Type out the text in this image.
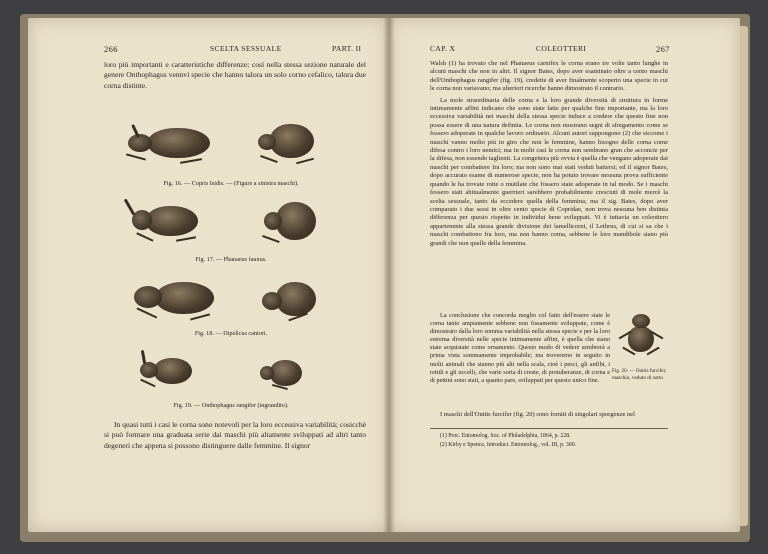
266	SCELTA SESSUALE	PART. II

loro più importanti e caratteristiche differenze; così nella stessa sezione naturale del genere Onthophagus vennvi specie che hanno talora un solo corno cefalico, talora due corna distinte.

Fig. 16. — Copris Isidis. — (Figure a sinistra maschi).
Fig. 17. — Phanaeus faunus.
Fig. 18. — Dipelicus cantori.
Fig. 19. — Onthophagus rangifer (ingrandito).

In quasi tutti i casi le corna sono notevoli per la loro eccessiva variabilità; cosicchè si può formare una graduata serie dai maschi più altamente sviluppati ad altri tanto degeneri che appena si possono distinguere dalle femmine. Il signor

CAP. X	COLEOTTERI	267

Walsh (1) ha trovato che nel Phanaeus carnifex le corna erano tre volte tanto lunghe in alcuni maschi che non in altri. Il signor Bates, dopo aver esaminato oltre a cento maschi dell'Onthophagus rangifer (fig. 19), credette di aver finalmente scoperto una specie in cui le corna non variavano; ma ulteriori ricerche hanno dimostrato il contrario.

La mole straordinaria delle corna e la loro grande diversità di struttura in forme intimamente affini indicano che sono state fatte per qualche fine importante, ma la loro eccessiva variabilità nei maschi della stessa specie induce a credere che questo fine non possa essere di una natura definita. Le corna non mostrano segni di sfregamento come se fossero adoperate in qualche lavoro ordinario. Alcuni autori suppongono (2) che siccome i maschi vanno molto più in giro che non le femmine, hanno bisogno delle corna come difesa contro i loro nemici; ma in molti casi le corna non sembrano gran che acconcie per la difesa, non essendo taglienti. La congettera più ovvia è quella che vengano adoperate dai maschi per combattere fra loro; ma non sono mai stati veduti battersi; ed il signor Bates, dopo accurato esame di numerose specie, non ha potuto trovare nessuna prova sufficiente quando le ha trovate rotte o mutilate che fossero state adoperate in tal modo. Se i maschi fossero stati abitualmente guerrieri sarebbero probabilmente cresciuti di mole mercè la scelta sessuale, tanto da eccedere quella della femmina; ma il sig. Bates, dopo aver comparato i due sessi in oltre cento specie di Copridae, non trova nessuna ben distinta differenza per questo rispetto in individui bene sviluppati. Vi è tuttavia un coleottero appartenente alla stessa grande divisione dei lamellicorni, il Lethrus, di cui si sa che i maschi combattono fra loro, ma non hanno corna, sebbene le loro mandibole siano più grandi che non quelle della femmina.

La conclusione che concorda meglio col fatto dell'essere state le corna tanto ampiamente sebbene non fissamente sviluppate, come è dimostrato dalla loro somma variabilità nella stessa specie e per la loro estrema diversità nelle specie intimamente affini, è quella che siano state acquistate come ornamento. Questo modo di vedere sembrerà a prima vista sommamente improbabile; ma troveremo in seguito in molti animali che stanno più alti nella scala, cioè i pesci, gli anfibi, i rettili e gli uccelli, che varie sorta di creste, di protuberanze, di corna e di pettini sono stati, a quanto pare, sviluppati per questo unico fine.

Fig. 20. — Onitis furcifer, maschio, veduto di sotto.

I maschi dell'Onitis furcifer (fig. 20) sono forniti di singolari sporgenze nel

(1) Proc. Entomolog. Soc. of Philadelphia, 1864, p. 228.
(2) Kirby e Spence, Introduct. Entomolog., vol. III, p. 300.
